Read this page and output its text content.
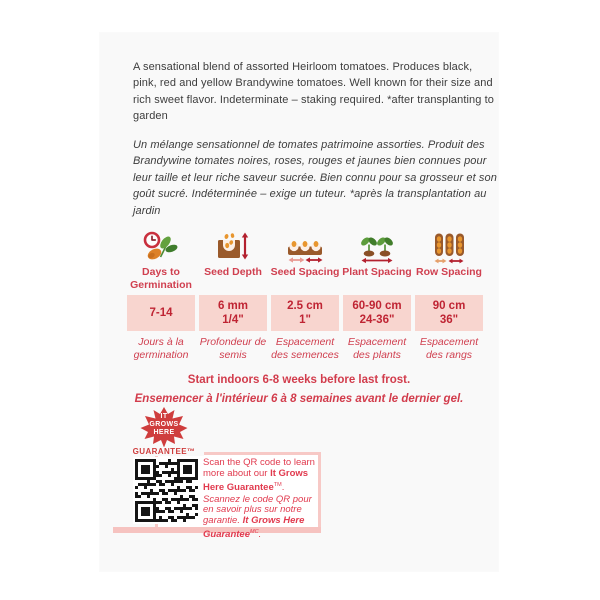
A sensational blend of assorted Heirloom tomatoes. Produces black, pink, red and yellow Brandywine tomatoes. Well known for their size and rich sweet flavor. Indeterminate – staking required. *after transplanting to garden

Un mélange sensationnel de tomates patrimoine assorties. Produit des Brandywine tomates noires, roses, rouges et jaunes bien connues pour leur taille et leur riche saveur sucrée. Bien connu pour sa grosseur et son goût sucré. Indéterminée – exige un tuteur. *après la transplantation au jardin

Days to Germination
7-14
Jours à la germination
Seed Depth
6 mm
1/4"
Profondeur de semis
Seed Spacing
2.5 cm
1"
Espacement des semences
Plant Spacing
60-90 cm
24-36"
Espacement des plants
Row Spacing
90 cm
36"
Espacement des rangs

Start indoors 6-8 weeks before last frost.

Ensemencer à l'intérieur 6 à 8 semaines avant le dernier gel.

IT
GROWS
HERE
GUARANTEE™

Scan the QR code to learn more about our It Grows Here Guarantee™.

Scannez le code QR pour en savoir plus sur notre garantie. It Grows Here Guarantee$^{MC}$.
